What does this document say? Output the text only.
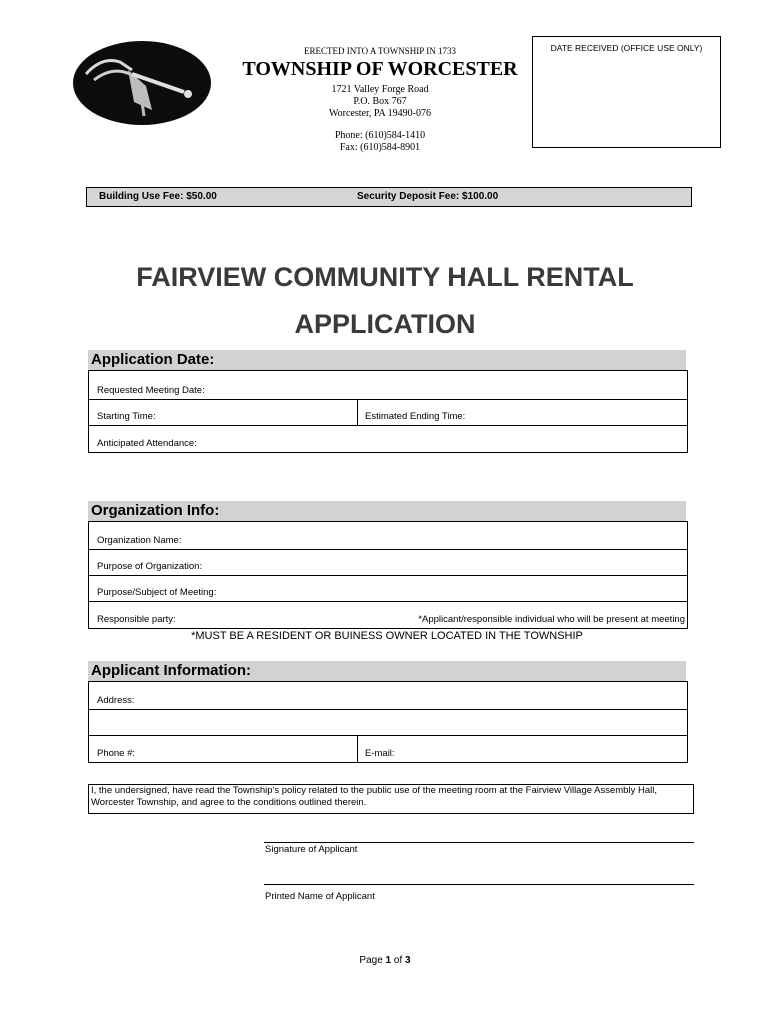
ERECTED INTO A TOWNSHIP IN 1733
TOWNSHIP OF WORCESTER
1721 Valley Forge Road
P.O. Box 767
Worcester, PA 19490-076
Phone: (610)584-1410
Fax: (610)584-8901
DATE RECEIVED (OFFICE USE ONLY)
Building Use Fee: $50.00	Security Deposit Fee: $100.00
FAIRVIEW COMMUNITY HALL RENTAL
APPLICATION
Application Date:
Requested Meeting Date:
Starting Time:	Estimated Ending Time:
Anticipated Attendance:
Organization Info:
Organization Name:
Purpose of Organization:
Purpose/Subject of Meeting:
Responsible party:	*Applicant/responsible individual who will be present at meeting
*MUST BE A RESIDENT OR BUINESS OWNER LOCATED IN THE TOWNSHIP
Applicant Information:
Address:
Phone #:	E-mail:
I, the undersigned, have read the Township's policy related to the public use of the meeting room at the Fairview Village Assembly Hall,
Worcester Township, and agree to the conditions outlined therein.
Signature of Applicant
Printed Name of Applicant
Page 1 of 3
